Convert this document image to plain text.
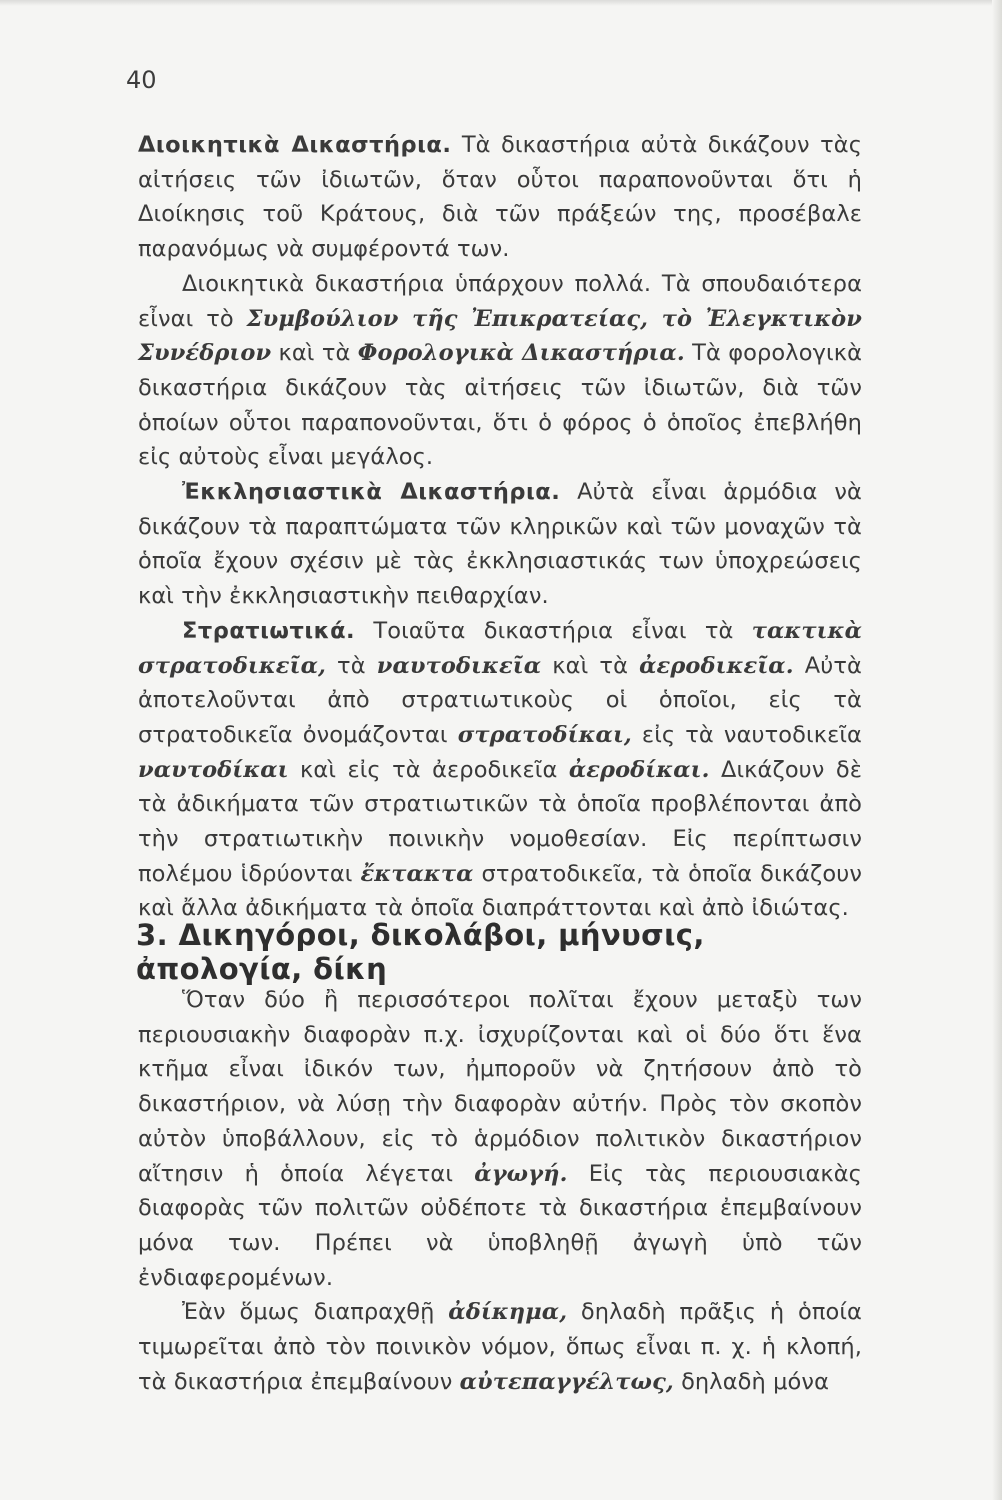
40

Διοικητικὰ Δικαστήρια. Τὰ δικαστήρια αὐτὰ δικάζουν τὰς αἰτήσεις τῶν ἰδιωτῶν, ὅταν οὗτοι παραπονοῦνται ὅτι ἡ Διοίκησις τοῦ Κράτους, διὰ τῶν πράξεών της, προσέβαλε παρανόμως νὰ συμφέροντά των.

Διοικητικὰ δικαστήρια ὑπάρχουν πολλά. Τὰ σπουδαιότερα εἶναι τὸ Συμβούλιον τῆς Ἐπικρατείας, τὸ Ἐλεγκτικὸν Συνέδριον καὶ τὰ Φορολογικὰ Δικαστήρια. Τὰ φορολογικὰ δικαστήρια δικάζουν τὰς αἰτήσεις τῶν ἰδιωτῶν, διὰ τῶν ὁποίων οὗτοι παραπονοῦνται, ὅτι ὁ φόρος ὁ ὁποῖος ἐπεβλήθη εἰς αὐτοὺς εἶναι μεγάλος.

Ἐκκλησιαστικὰ Δικαστήρια. Αὐτὰ εἶναι ἁρμόδια νὰ δικάζουν τὰ παραπτώματα τῶν κληρικῶν καὶ τῶν μοναχῶν τὰ ὁποῖα ἔχουν σχέσιν μὲ τὰς ἐκκλησιαστικάς των ὑποχρεώσεις καὶ τὴν ἐκκλησιαστικὴν πειθαρχίαν.

Στρατιωτικά. Τοιαῦτα δικαστήρια εἶναι τὰ τακτικὰ στρατοδικεῖα, τὰ ναυτοδικεῖα καὶ τὰ ἀεροδικεῖα. Αὐτὰ ἀποτελοῦνται ἀπὸ στρατιωτικοὺς οἱ ὁποῖοι, εἰς τὰ στρατοδικεῖα ὀνομάζονται στρατοδίκαι, εἰς τὰ ναυτοδικεῖα ναυτοδίκαι καὶ εἰς τὰ ἀεροδικεῖα ἀεροδίκαι. Δικάζουν δὲ τὰ ἀδικήματα τῶν στρατιωτικῶν τὰ ὁποῖα προβλέπονται ἀπὸ τὴν στρατιωτικὴν ποινικὴν νομοθεσίαν. Εἰς περίπτωσιν πολέμου ἱδρύονται ἔκτακτα στρατοδικεῖα, τὰ ὁποῖα δικάζουν καὶ ἄλλα ἀδικήματα τὰ ὁποῖα διαπράττονται καὶ ἀπὸ ἰδιώτας.

3. Δικηγόροι, δικολάβοι, μήνυσις, ἀπολογία, δίκη

Ὅταν δύο ἢ περισσότεροι πολῖται ἔχουν μεταξὺ των περιουσιακὴν διαφορὰν π.χ. ἰσχυρίζονται καὶ οἱ δύο ὅτι ἕνα κτῆμα εἶναι ἰδικόν των, ἠμποροῦν νὰ ζητήσουν ἀπὸ τὸ δικαστήριον, νὰ λύσῃ τὴν διαφορὰν αὐτήν. Πρὸς τὸν σκοπὸν αὐτὸν ὑποβάλλουν, εἰς τὸ ἁρμόδιον πολιτικὸν δικαστήριον αἴτησιν ἡ ὁποία λέγεται ἀγωγή. Εἰς τὰς περιουσιακὰς διαφορὰς τῶν πολιτῶν οὐδέποτε τὰ δικαστήρια ἐπεμβαίνουν μόνα των. Πρέπει νὰ ὑποβληθῇ ἀγωγὴ ὑπὸ τῶν ἐνδιαφερομένων.

Ἐὰν ὅμως διαπραχθῇ ἀδίκημα, δηλαδὴ πρᾶξις ἡ ὁποία τιμωρεῖται ἀπὸ τὸν ποινικὸν νόμον, ὅπως εἶναι π. χ. ἡ κλοπή, τὰ δικαστήρια ἐπεμβαίνουν αὐτεπαγγέλτως, δηλαδὴ μόνα
